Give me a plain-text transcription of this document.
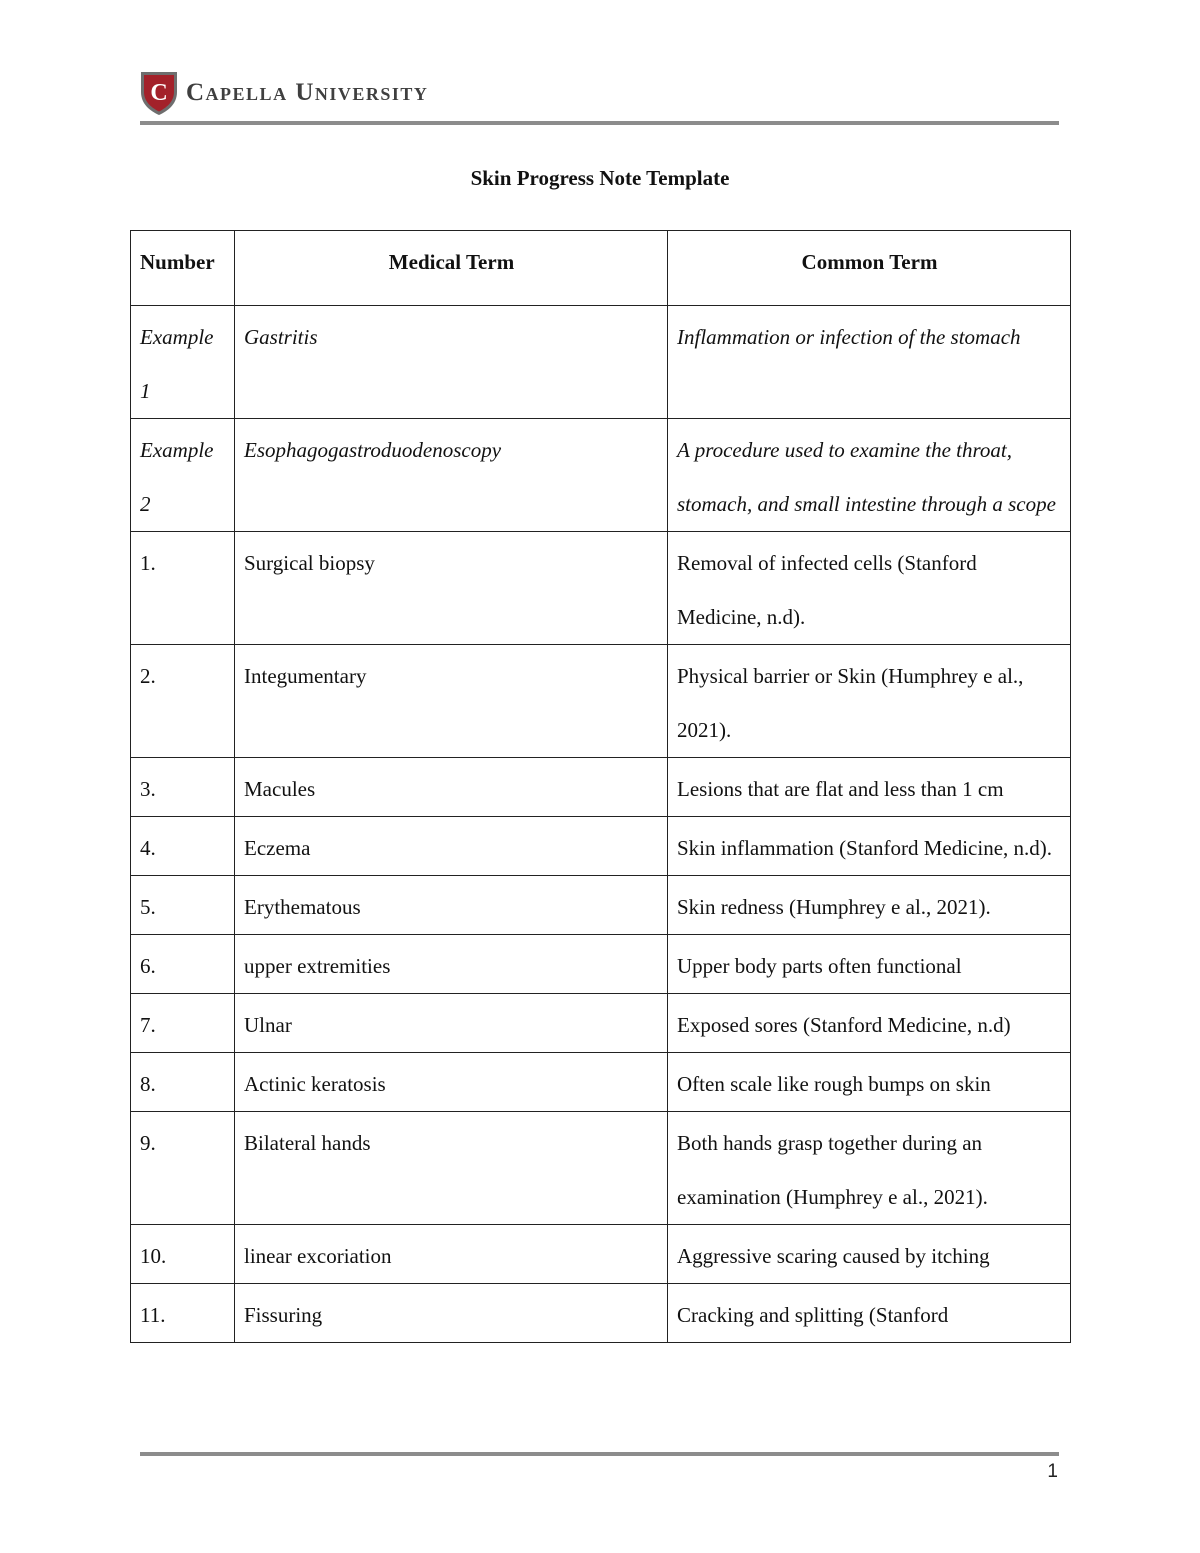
C Capella University
Skin Progress Note Template
Number	Medical Term	Common Term
Example 1	Gastritis	Inflammation or infection of the stomach
Example 2	Esophagogastroduodenoscopy	A procedure used to examine the throat, stomach, and small intestine through a scope
1.	Surgical biopsy	Removal of infected cells (Stanford Medicine, n.d).
2.	Integumentary	Physical barrier or Skin (Humphrey e al., 2021).
3.	Macules	Lesions that are flat and less than 1 cm
4.	Eczema	Skin inflammation (Stanford Medicine, n.d).
5.	Erythematous	Skin redness (Humphrey e al., 2021).
6.	upper extremities	Upper body parts often functional
7.	Ulnar	Exposed sores (Stanford Medicine, n.d)
8.	Actinic keratosis	Often scale like rough bumps on skin
9.	Bilateral hands	Both hands grasp together during an examination (Humphrey e al., 2021).
10.	linear excoriation	Aggressive scaring caused by itching
11.	Fissuring	Cracking and splitting (Stanford
1
